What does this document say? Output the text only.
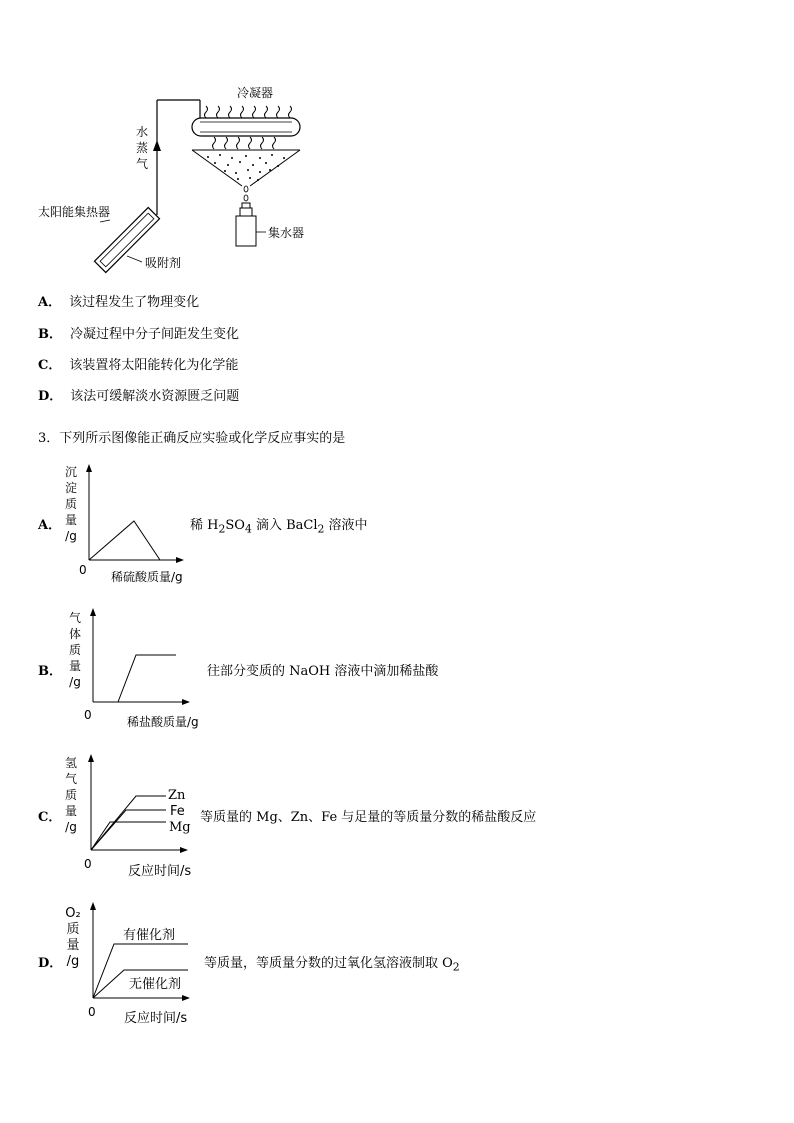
冷凝器
水
蒸
气
太阳能集热器
吸附剂
集水器
A． 该过程发生了物理变化
B． 冷凝过程中分子间距发生变化
C． 该装置将太阳能转化为化学能
D． 该法可缓解淡水资源匮乏问题
3．下列所示图像能正确反应实验或化学反应事实的是
A．
沉
淀
质
量
/g
0 稀硫酸质量/g
稀 $H_2SO_4$ 滴入 BaCl$_2$ 溶液中
B．
气
体
质
量
/g
0	稀盐酸质量/g
往部分变质的 NaOH 溶液中滴加稀盐酸
C．
氢
气
质
量
/g
Zn
Fe
Mg
0	反应时间/s
等质量的 Mg、Zn、Fe 与足量的等质量分数的稀盐酸反应
D．
O₂
质
量
/g
有催化剂
无催化剂
0 反应时间/s
等质量，等质量分数的过氧化氢溶液制取 $O_2$
